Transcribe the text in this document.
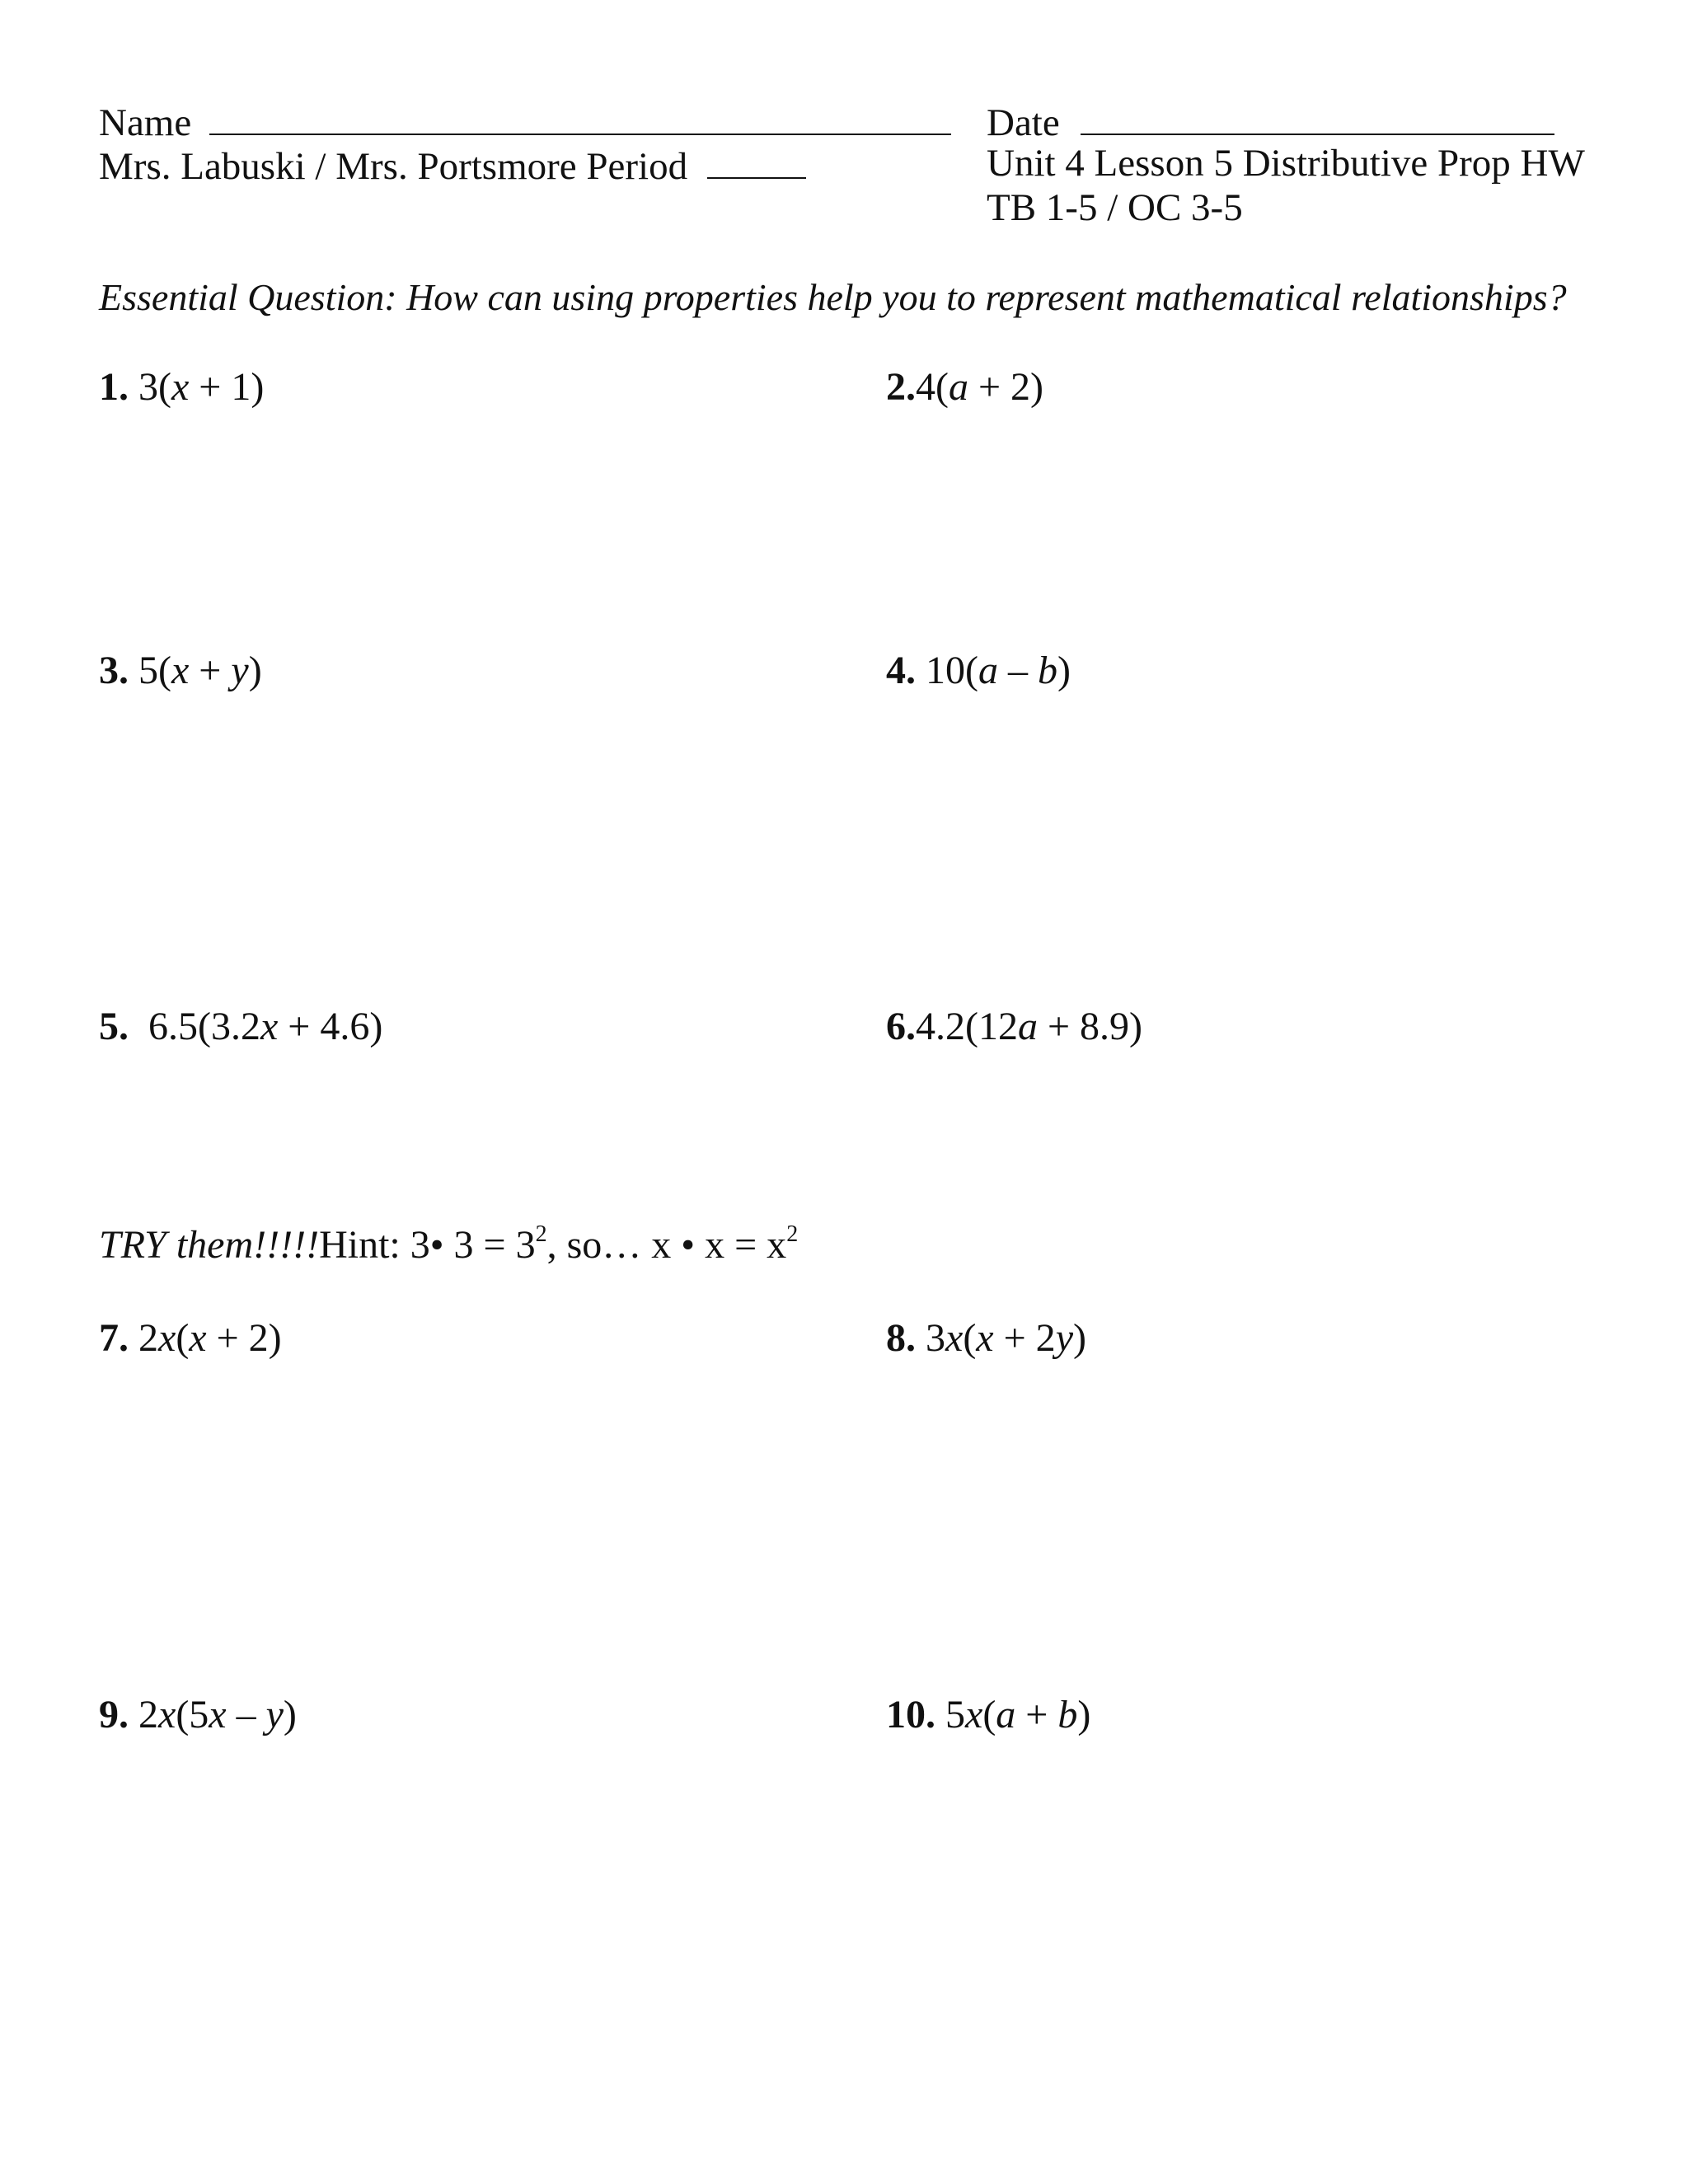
Name
Mrs. Labuski / Mrs. Portsmore Period
Date
Unit 4 Lesson 5 Distributive Prop HW
TB 1-5 / OC 3-5
Essential Question: How can using properties help you to represent mathematical relationships?
1. 3(x + 1)	2.4(a + 2)
3. 5(x + y)	4. 10(a – b)
5. 6.5(3.2x + 4.6)	6.4.2(12a + 8.9)
TRY them!!!!!Hint: 3• $3 = 3^2$, so… x • $x = x^2$
7. 2x(x + 2)	8. 3x(x + 2y)
9. 2x(5x – y)	10. 5x(a + b)
